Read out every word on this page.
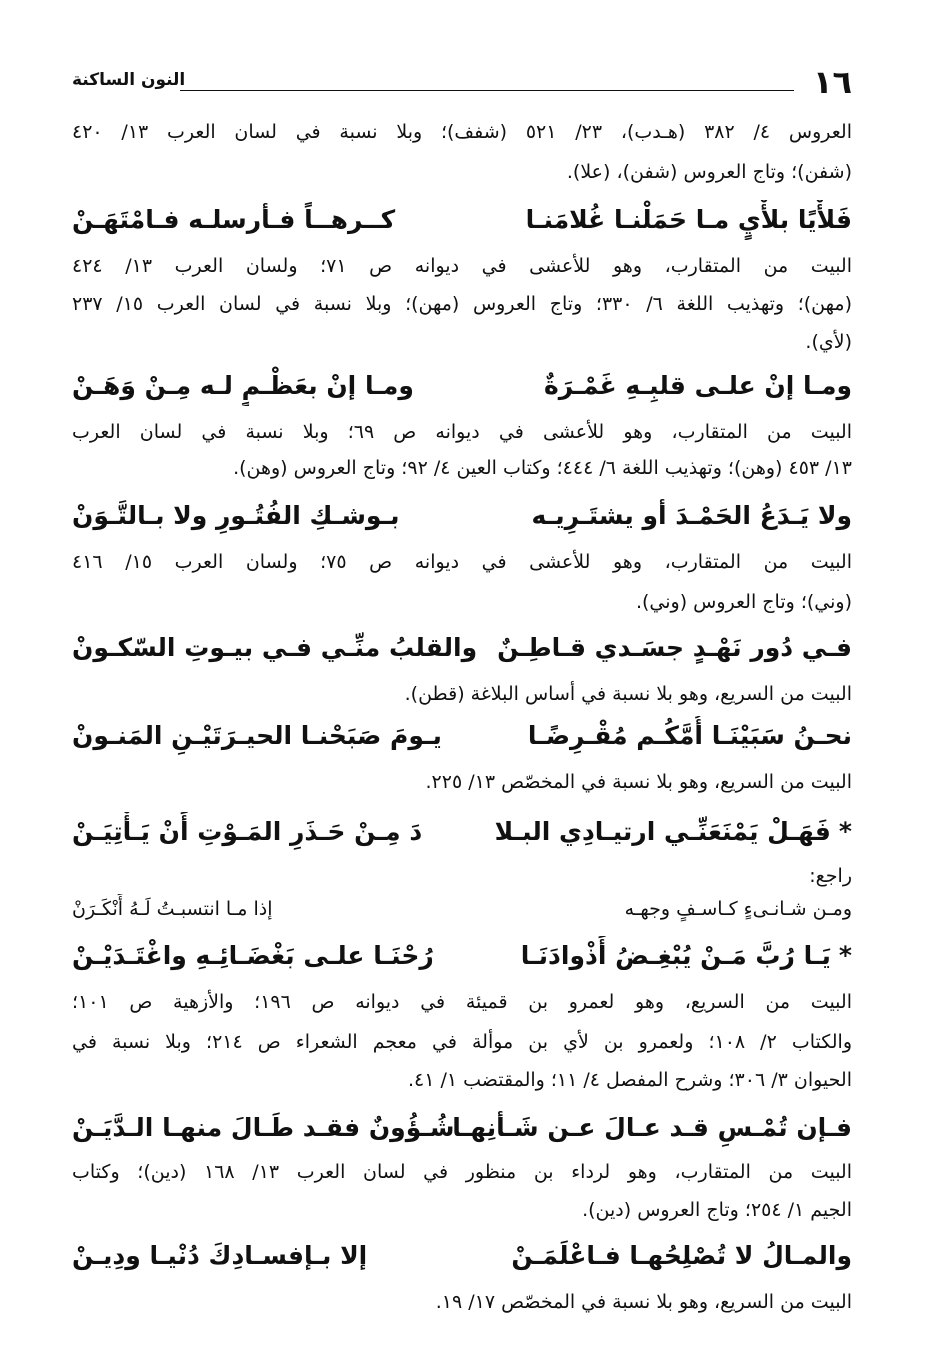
١٦
النون الساكنة
العروس ٤/ ٣٨٢ (هـدب)، ٢٣/ ٥٢١ (شفف)؛ وبلا نسبة في لسان العرب ١٣/ ٤٢٠
(شفن)؛ وتاج العروس (شفن)، (علا).
فَلأْيًا بلأْيٍ مـا حَمَلْنـا غُلامَنـا
كــرهــاً فـأرسلـه فـامْتَهَـنْ
البيت من المتقارب، وهو للأعشى في ديوانه ص ٧١؛ ولسان العرب ١٣/ ٤٢٤
(مهن)؛ وتهذيب اللغة ٦/ ٣٣٠؛ وتاج العروس (مهن)؛ وبلا نسبة في لسان العرب ١٥/ ٢٣٧
(لأي).
ومـا إنْ علـى قلبِـهِ غَمْـرَةٌ
ومـا إنْ بعَظْـمٍ لـه مِـنْ وَهَـنْ
البيت من المتقارب، وهو للأعشى في ديوانه ص ٦٩؛ وبلا نسبة في لسان العرب
١٣/ ٤٥٣ (وهن)؛ وتهذيب اللغة ٦/ ٤٤٤؛ وكتاب العين ٤/ ٩٢؛ وتاج العروس (وهن).
ولا يَـدَعُ الحَمْـدَ أو يشتَـرِيـه
بـوشـكِ الفُتُـورِ ولا بـالتَّـوَنْ
البيت من المتقارب، وهو للأعشى في ديوانه ص ٧٥؛ ولسان العرب ١٥/ ٤١٦
(وني)؛ وتاج العروس (وني).
فـي دُور نَهْـدٍ جسَـدي قـاطِـنٌ
والقلبُ منِّـي فـي بيـوتِ السّكـونْ
البيت من السريع، وهو بلا نسبة في أساس البلاغة (قطن).
نحـنُ سَبَيْنَـا أُمَّكُـم مُقْـرِضًـا
يـومَ صَبَحْنـا الحيـرَتَيْـنِ المَنـونْ
البيت من السريع، وهو بلا نسبة في المخصّص ١٣/ ٢٢٥.
*فَهَـلْ يَمْنَعَنِّـي ارتيـادِي البـلا
دَ مِـنْ حَـذَرِ المَـوْتِ أَنْ يَـأْتِيَـنْ
راجع:
ومـن شـانـىءٍ كـاسـفٍ وجهـه
إذا مـا انتسبـتُ لَـهُ أَنْكَـرَنْ
*يَـا رُبَّ مَـنْ يُبْغِـضُ أَذْوادَنَـا
رُحْنَـا علـى بَغْضَـائِـهِ واغْتَـدَيْـنْ
البيت من السريع، وهو لعمرو بن قميئة في ديوانه ص ١٩٦؛ والأزهية ص ١٠١؛
والكتاب ٢/ ١٠٨؛ ولعمرو بن لأي بن موألة في معجم الشعراء ص ٢١٤؛ وبلا نسبة في
الحيوان ٣/ ٣٠٦؛ وشرح المفصل ٤/ ١١؛ والمقتضب ١/ ٤١.
فـإن تُمْـسِ قـد عـالَ عـن شَـأنِهـا
شُـؤُونٌ فقـد طَـالَ منهـا الـدَّيَـنْ
البيت من المتقارب، وهو لرداء بن منظور في لسان العرب ١٣/ ١٦٨ (دين)؛ وكتاب
الجيم ١/ ٢٥٤؛ وتاج العروس (دين).
والمـالُ لا تُصْلِحُهـا فـاعْلَمَـنْ
إلا بـإفسـادِكَ دُنْيـا ودِيـنْ
البيت من السريع، وهو بلا نسبة في المخصّص ١٧/ ١٩.
